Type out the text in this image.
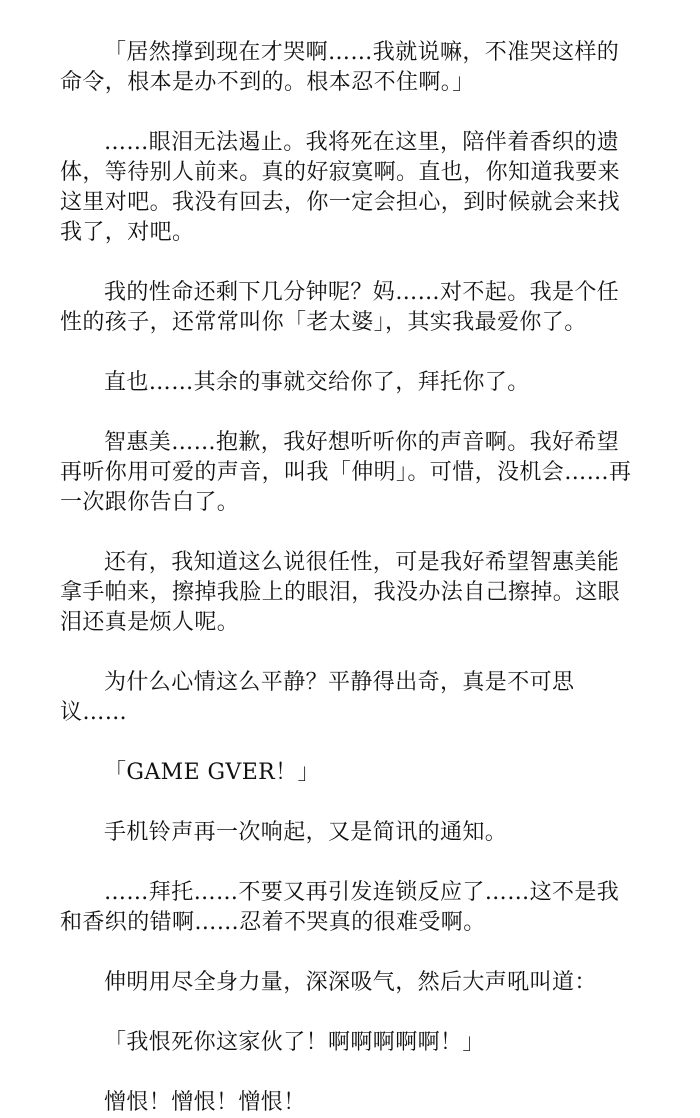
「居然撑到现在才哭啊……我就说嘛，不准哭这样的命令，根本是办不到的。根本忍不住啊。」

……眼泪无法遏止。我将死在这里，陪伴着香织的遗体，等待别人前来。真的好寂寞啊。直也，你知道我要来这里对吧。我没有回去，你一定会担心，到时候就会来找我了，对吧。

我的性命还剩下几分钟呢？妈……对不起。我是个任性的孩子，还常常叫你「老太婆」，其实我最爱你了。

直也……其余的事就交给你了，拜托你了。

智惠美……抱歉，我好想听听你的声音啊。我好希望再听你用可爱的声音，叫我「伸明」。可惜，没机会……再一次跟你告白了。

还有，我知道这么说很任性，可是我好希望智惠美能拿手帕来，擦掉我脸上的眼泪，我没办法自己擦掉。这眼泪还真是烦人呢。

为什么心情这么平静？平静得出奇，真是不可思议……

「GAME GVER！」

手机铃声再一次响起，又是简讯的通知。

……拜托……不要又再引发连锁反应了……这不是我和香织的错啊……忍着不哭真的很难受啊。

伸明用尽全身力量，深深吸气，然后大声吼叫道：

「我恨死你这家伙了！啊啊啊啊啊！」

憎恨！憎恨！憎恨！
